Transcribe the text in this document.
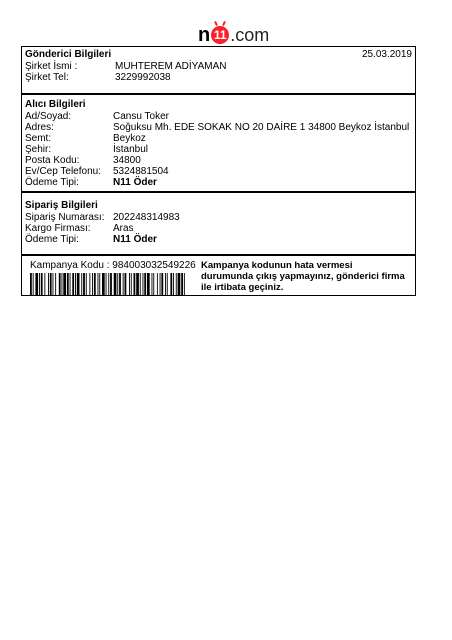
n 11 .com
Gönderici Bilgileri	25.03.2019
Şirket İsmi :	MUHTEREM ADİYAMAN
Şirket Tel:	3229992038
Alıcı Bilgileri
Ad/Soyad:	Cansu Toker
Adres:	Soğuksu Mh. EDE SOKAK NO 20 DAİRE 1 34800 Beykoz İstanbul
Semt:	Beykoz
Şehir:	İstanbul
Posta Kodu:	34800
Ev/Cep Telefonu: 5324881504
Ödeme Tipi:	N11 Öder
Sipariş Bilgileri
Sipariş Numarası: 202248314983
Kargo Firması: Aras
Ödeme Tipi:	N11 Öder
Kampanya Kodu : 984003032549226 Kampanya kodunun hata vermesi durumunda çıkış yapmayınız, gönderici firma ile irtibata geçiniz.
